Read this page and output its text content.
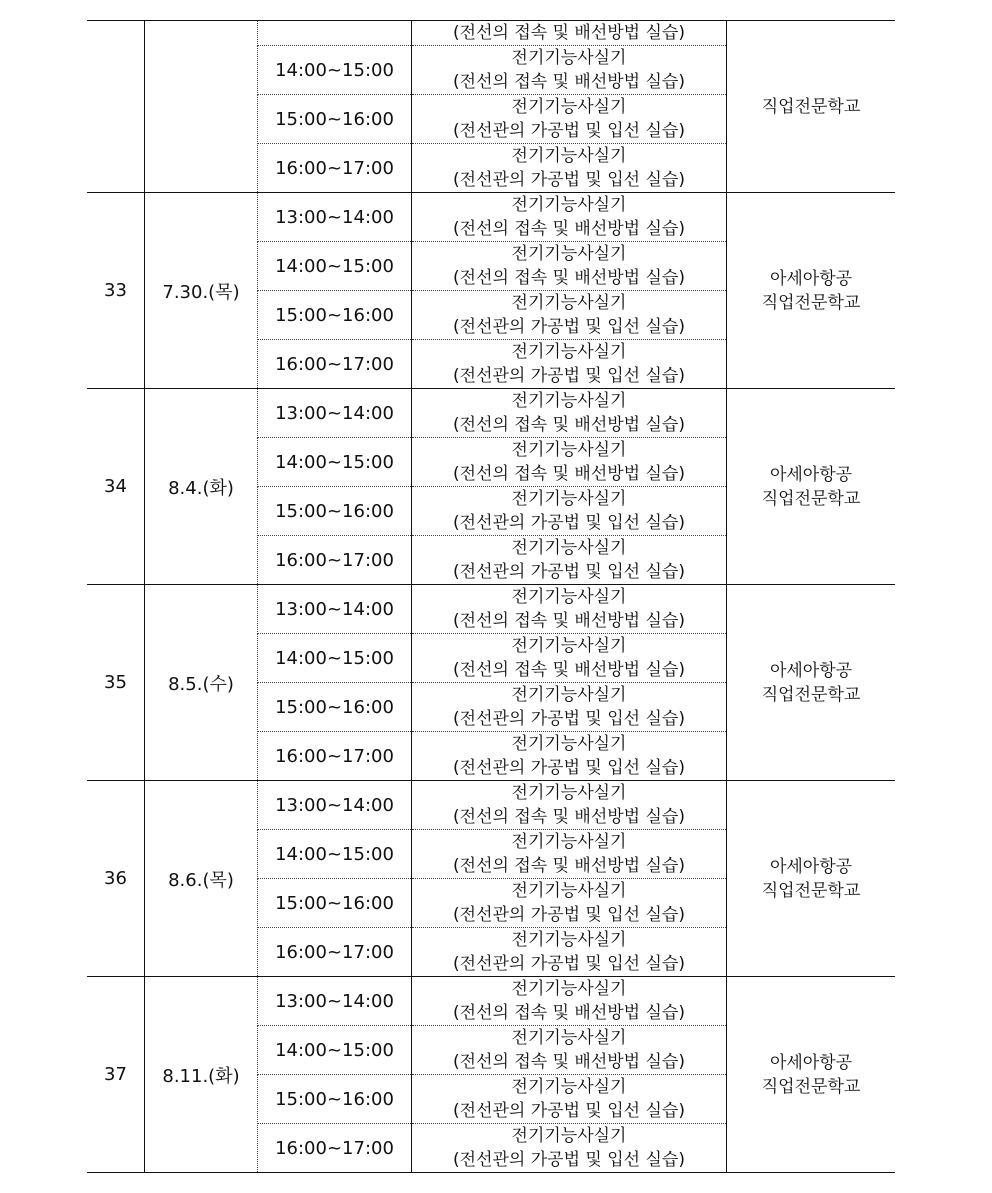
			(전선의 접속 및 배선방법 실습)	직업전문학교

		14:00~15:00	전기기능사실기
(전선의 접속 및 배선방법 실습)	

		15:00~16:00	전기기능사실기
(전선관의 가공법 및 입선 실습)	

		16:00~17:00	전기기능사실기
(전선관의 가공법 및 입선 실습)	

33	7.30.(목)	13:00~14:00	전기기능사실기
(전선의 접속 및 배선방법 실습)	아세아항공
직업전문학교

		14:00~15:00	전기기능사실기
(전선의 접속 및 배선방법 실습)	

		15:00~16:00	전기기능사실기
(전선관의 가공법 및 입선 실습)	

		16:00~17:00	전기기능사실기
(전선관의 가공법 및 입선 실습)	

34	8.4.(화)	13:00~14:00	전기기능사실기
(전선의 접속 및 배선방법 실습)	아세아항공
직업전문학교

		14:00~15:00	전기기능사실기
(전선의 접속 및 배선방법 실습)	

		15:00~16:00	전기기능사실기
(전선관의 가공법 및 입선 실습)	

		16:00~17:00	전기기능사실기
(전선관의 가공법 및 입선 실습)	

35	8.5.(수)	13:00~14:00	전기기능사실기
(전선의 접속 및 배선방법 실습)	아세아항공
직업전문학교

		14:00~15:00	전기기능사실기
(전선의 접속 및 배선방법 실습)	

		15:00~16:00	전기기능사실기
(전선관의 가공법 및 입선 실습)	

		16:00~17:00	전기기능사실기
(전선관의 가공법 및 입선 실습)	

36	8.6.(목)	13:00~14:00	전기기능사실기
(전선의 접속 및 배선방법 실습)	아세아항공
직업전문학교

		14:00~15:00	전기기능사실기
(전선의 접속 및 배선방법 실습)	

		15:00~16:00	전기기능사실기
(전선관의 가공법 및 입선 실습)	

		16:00~17:00	전기기능사실기
(전선관의 가공법 및 입선 실습)	

37	8.11.(화)	13:00~14:00	전기기능사실기
(전선의 접속 및 배선방법 실습)	아세아항공
직업전문학교

		14:00~15:00	전기기능사실기
(전선의 접속 및 배선방법 실습)	

		15:00~16:00	전기기능사실기
(전선관의 가공법 및 입선 실습)	

		16:00~17:00	전기기능사실기
(전선관의 가공법 및 입선 실습)	
